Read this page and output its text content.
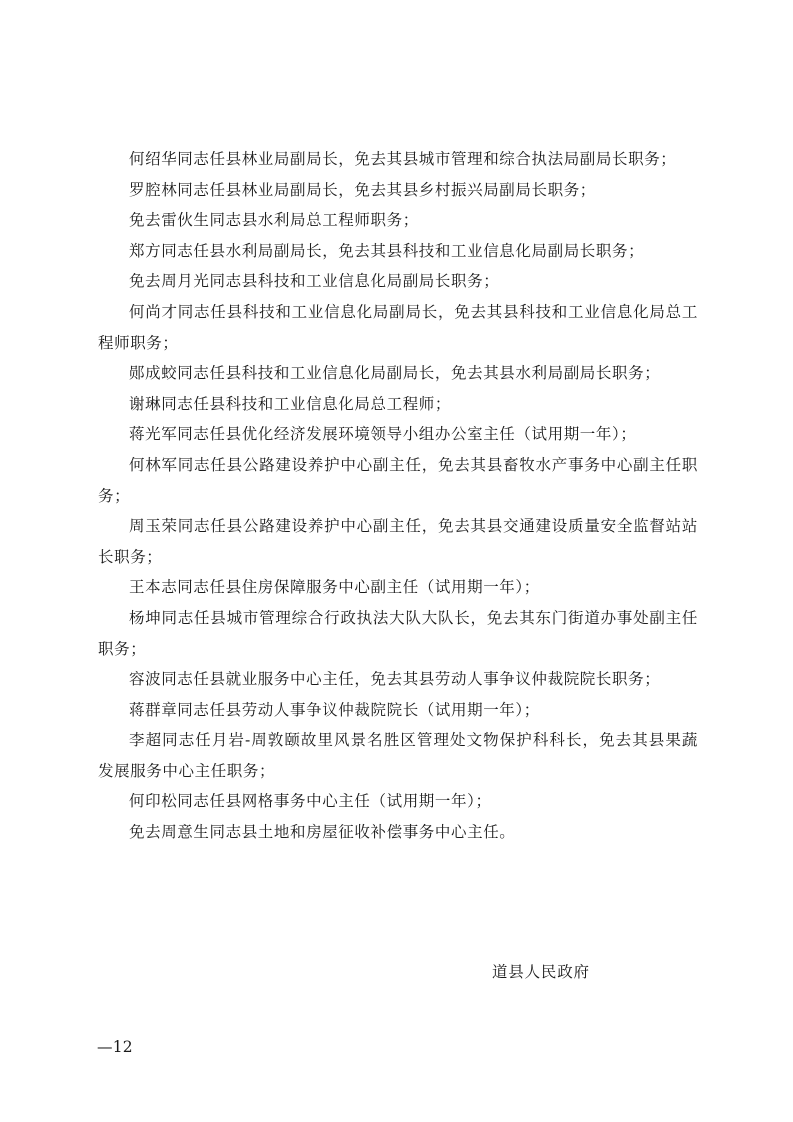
何绍华同志任县林业局副局长，免去其县城市管理和综合执法局副局长职务；

罗腔林同志任县林业局副局长，免去其县乡村振兴局副局长职务；

免去雷伙生同志县水利局总工程师职务；

郑方同志任县水利局副局长，免去其县科技和工业信息化局副局长职务；

免去周月光同志县科技和工业信息化局副局长职务；

何尚才同志任县科技和工业信息化局副局长，免去其县科技和工业信息化局总工程师职务；

郧成蛟同志任县科技和工业信息化局副局长，免去其县水利局副局长职务；

谢琳同志任县科技和工业信息化局总工程师；

蒋光军同志任县优化经济发展环境领导小组办公室主任（试用期一年）；

何林军同志任县公路建设养护中心副主任，免去其县畜牧水产事务中心副主任职务；

周玉荣同志任县公路建设养护中心副主任，免去其县交通建设质量安全监督站站长职务；

王本志同志任县住房保障服务中心副主任（试用期一年）；

杨坤同志任县城市管理综合行政执法大队大队长，免去其东门街道办事处副主任职务；

容波同志任县就业服务中心主任，免去其县劳动人事争议仲裁院院长职务；

蒋群章同志任县劳动人事争议仲裁院院长（试用期一年）；

李超同志任月岩-周敦颐故里风景名胜区管理处文物保护科科长，免去其县果蔬发展服务中心主任职务；

何印松同志任县网格事务中心主任（试用期一年）；

免去周意生同志县土地和房屋征收补偿事务中心主任。

道县人民政府

—12
